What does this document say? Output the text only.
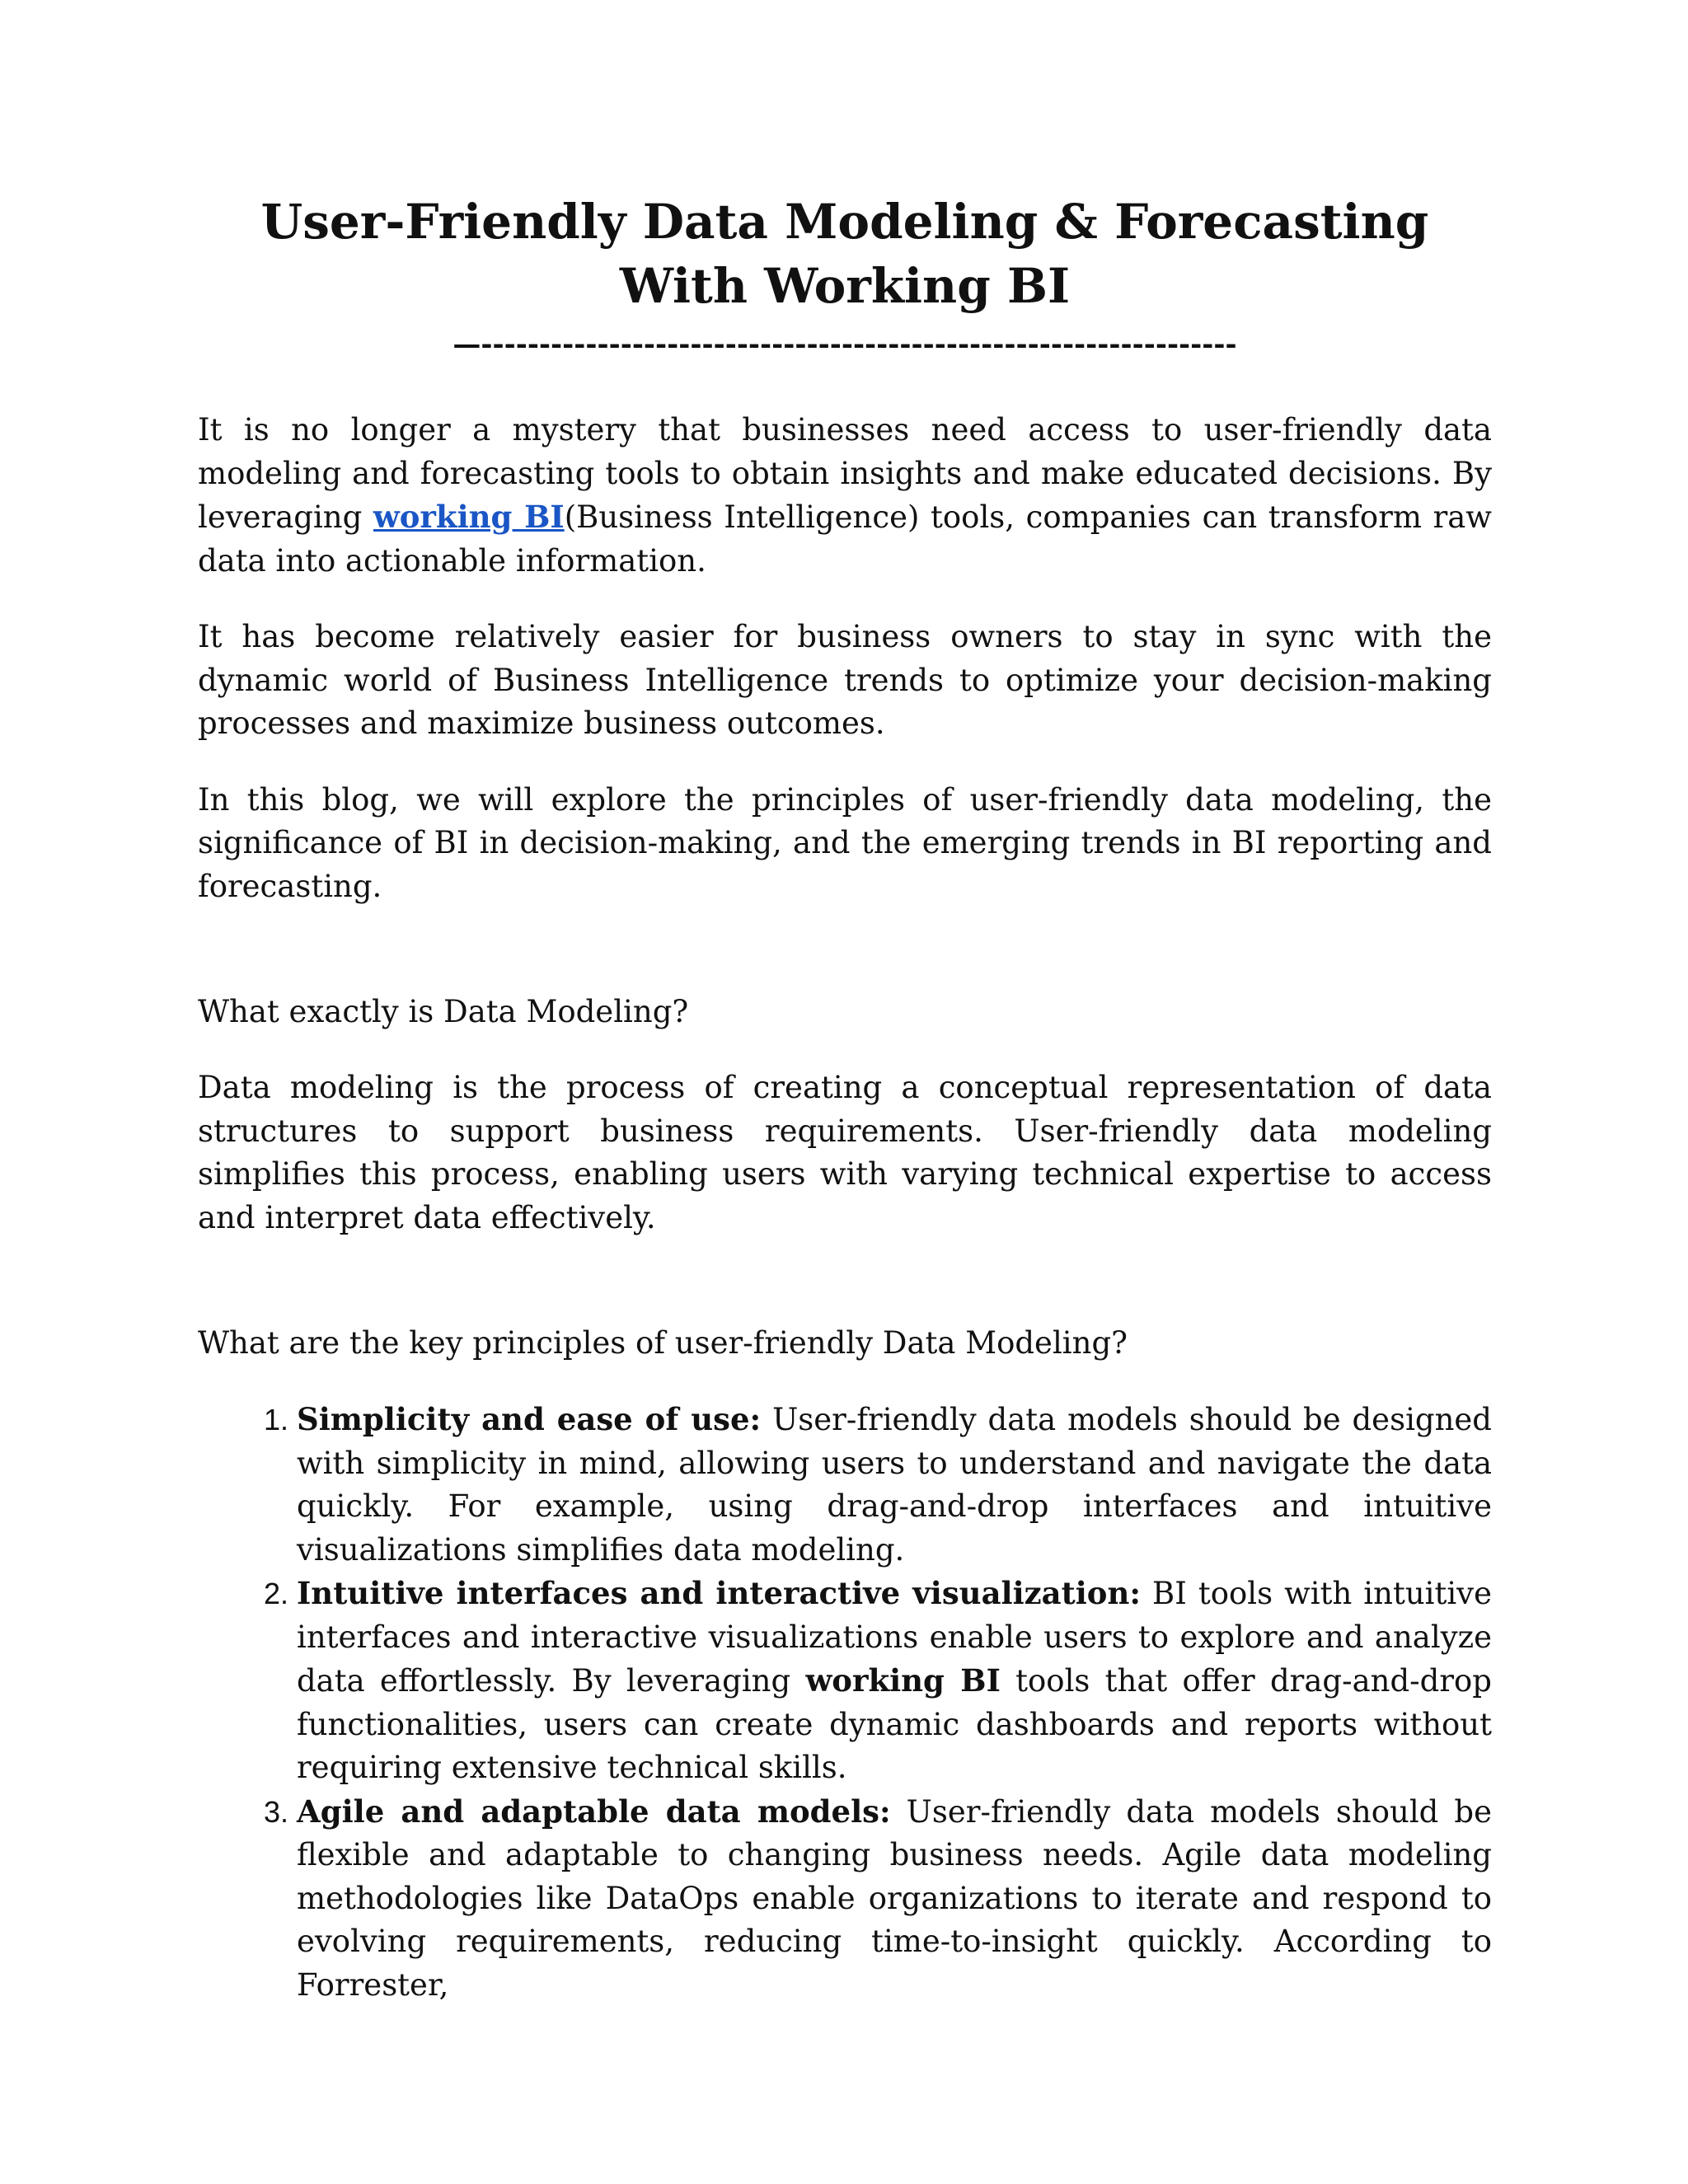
User-Friendly Data Modeling & Forecasting With Working BI
—-----------------------------------------------------------------

It is no longer a mystery that businesses need access to user-friendly data modeling and forecasting tools to obtain insights and make educated decisions. By leveraging working BI(Business Intelligence) tools, companies can transform raw data into actionable information.

It has become relatively easier for business owners to stay in sync with the dynamic world of Business Intelligence trends to optimize your decision-making processes and maximize business outcomes.

In this blog, we will explore the principles of user-friendly data modeling, the significance of BI in decision-making, and the emerging trends in BI reporting and forecasting.

What exactly is Data Modeling?

Data modeling is the process of creating a conceptual representation of data structures to support business requirements. User-friendly data modeling simplifies this process, enabling users with varying technical expertise to access and interpret data effectively.

What are the key principles of user-friendly Data Modeling?

1. Simplicity and ease of use: User-friendly data models should be designed with simplicity in mind, allowing users to understand and navigate the data quickly. For example, using drag-and-drop interfaces and intuitive visualizations simplifies data modeling.
2. Intuitive interfaces and interactive visualization: BI tools with intuitive interfaces and interactive visualizations enable users to explore and analyze data effortlessly. By leveraging working BI tools that offer drag-and-drop functionalities, users can create dynamic dashboards and reports without requiring extensive technical skills.
3. Agile and adaptable data models: User-friendly data models should be flexible and adaptable to changing business needs. Agile data modeling methodologies like DataOps enable organizations to iterate and respond to evolving requirements, reducing time-to-insight quickly. According to Forrester,
